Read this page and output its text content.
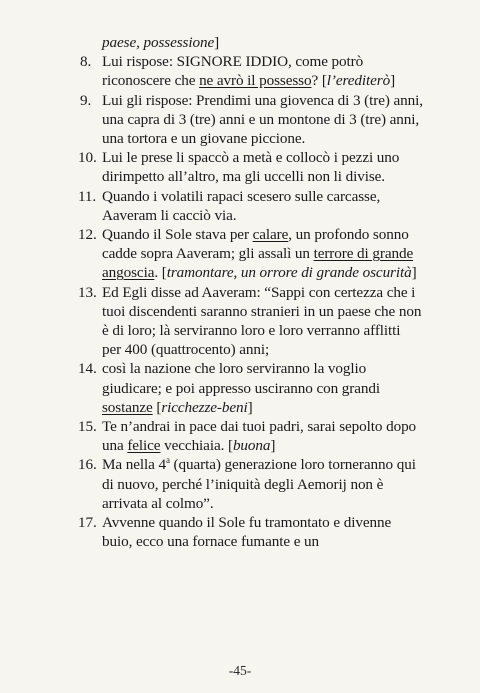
paese, possessione]
8. Lui rispose: SIGNORE IDDIO, come potrò riconoscere che ne avrò il possesso? [l’erediterò]
9. Lui gli rispose: Prendimi una giovenca di 3 (tre) anni, una capra di 3 (tre) anni e un montone di 3 (tre) anni, una tortora e un giovane piccione.
10. Lui le prese li spaccò a metà e collocò i pezzi uno dirimpetto all’altro, ma gli uccelli non li divise.
11. Quando i volatili rapaci scesero sulle carcasse, Aaveram li cacciò via.
12. Quando il Sole stava per calare, un profondo sonno cadde sopra Aaveram; gli assalì un terrore di grande angoscia. [tramontare, un orrore di grande oscurità]
13. Ed Egli disse ad Aaveram: “Sappi con certezza che i tuoi discendenti saranno stranieri in un paese che non è di loro; là serviranno loro e loro verranno afflitti per 400 (quattrocento) anni;
14. così la nazione che loro serviranno la voglio giudicare; e poi appresso usciranno con grandi sostanze [ricchezze-beni]
15. Te n’andrai in pace dai tuoi padri, sarai sepolto dopo una felice vecchiaia. [buona]
16. Ma nella 4$^a$ (quarta) generazione loro torneranno qui di nuovo, perché l’iniquità degli Aemorij non è arrivata al colmo”.
17. Avvenne quando il Sole fu tramontato e divenne buio, ecco una fornace fumante e un
-45-
